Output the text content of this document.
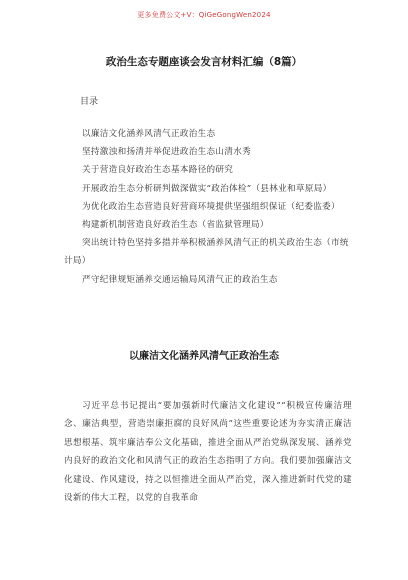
更多免费公文+V：QiGeGongWen2024
政治生态专题座谈会发言材料汇编（8篇）
目录
以廉洁文化涵养风清气正政治生态
坚持激浊和扬清并举促进政治生态山清水秀
关于营造良好政治生态基本路径的研究
开展政治生态分析研判做深做实“政治体检”（县林业和草原局）
为优化政治生态营造良好营商环境提供坚强组织保证（纪委监委）
构建新机制营造良好政治生态（省监狱管理局）
突出统计特色坚持多措并举积极涵养风清气正的机关政治生态（市统计局）
严守纪律规矩涵养交通运输局风清气正的政治生态
以廉洁文化涵养风清气正政治生态
习近平总书记提出“要加强新时代廉洁文化建设”“积极宣传廉洁理念、廉洁典型，营造崇廉拒腐的良好风尚”这些重要论述为夯实清正廉洁思想根基、筑牢廉洁奉公文化基础，推进全面从严治党纵深发展、涵养党内良好的政治文化和风清气正的政治生态指明了方向。我们要加强廉洁文化建设、作风建设，持之以恒推进全面从严治党，深入推进新时代党的建设新的伟大工程，以党的自我革命
